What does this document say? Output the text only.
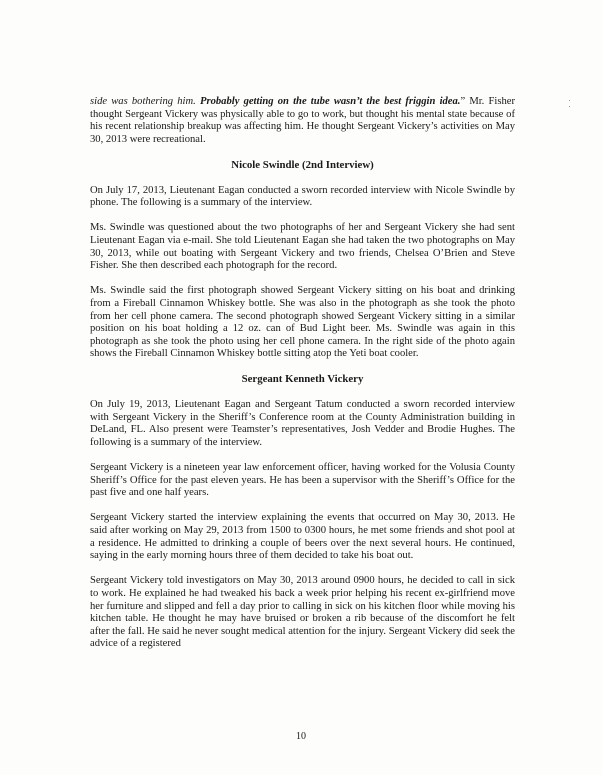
side was bothering him. Probably getting on the tube wasn’t the best friggin idea.” Mr. Fisher thought Sergeant Vickery was physically able to go to work, but thought his mental state because of his recent relationship breakup was affecting him. He thought Sergeant Vickery’s activities on May 30, 2013 were recreational.

Nicole Swindle (2nd Interview)

On July 17, 2013, Lieutenant Eagan conducted a sworn recorded interview with Nicole Swindle by phone. The following is a summary of the interview.

Ms. Swindle was questioned about the two photographs of her and Sergeant Vickery she had sent Lieutenant Eagan via e-mail. She told Lieutenant Eagan she had taken the two photographs on May 30, 2013, while out boating with Sergeant Vickery and two friends, Chelsea O’Brien and Steve Fisher. She then described each photograph for the record.

Ms. Swindle said the first photograph showed Sergeant Vickery sitting on his boat and drinking from a Fireball Cinnamon Whiskey bottle. She was also in the photograph as she took the photo from her cell phone camera. The second photograph showed Sergeant Vickery sitting in a similar position on his boat holding a 12 oz. can of Bud Light beer. Ms. Swindle was again in this photograph as she took the photo using her cell phone camera. In the right side of the photo again shows the Fireball Cinnamon Whiskey bottle sitting atop the Yeti boat cooler.

Sergeant Kenneth Vickery

On July 19, 2013, Lieutenant Eagan and Sergeant Tatum conducted a sworn recorded interview with Sergeant Vickery in the Sheriff’s Conference room at the County Administration building in DeLand, FL. Also present were Teamster’s representatives, Josh Vedder and Brodie Hughes. The following is a summary of the interview.

Sergeant Vickery is a nineteen year law enforcement officer, having worked for the Volusia County Sheriff’s Office for the past eleven years. He has been a supervisor with the Sheriff’s Office for the past five and one half years.

Sergeant Vickery started the interview explaining the events that occurred on May 30, 2013. He said after working on May 29, 2013 from 1500 to 0300 hours, he met some friends and shot pool at a residence. He admitted to drinking a couple of beers over the next several hours. He continued, saying in the early morning hours three of them decided to take his boat out.

Sergeant Vickery told investigators on May 30, 2013 around 0900 hours, he decided to call in sick to work. He explained he had tweaked his back a week prior helping his recent ex-girlfriend move her furniture and slipped and fell a day prior to calling in sick on his kitchen floor while moving his kitchen table. He thought he may have bruised or broken a rib because of the discomfort he felt after the fall. He said he never sought medical attention for the injury. Sergeant Vickery did seek the advice of a registered

10
